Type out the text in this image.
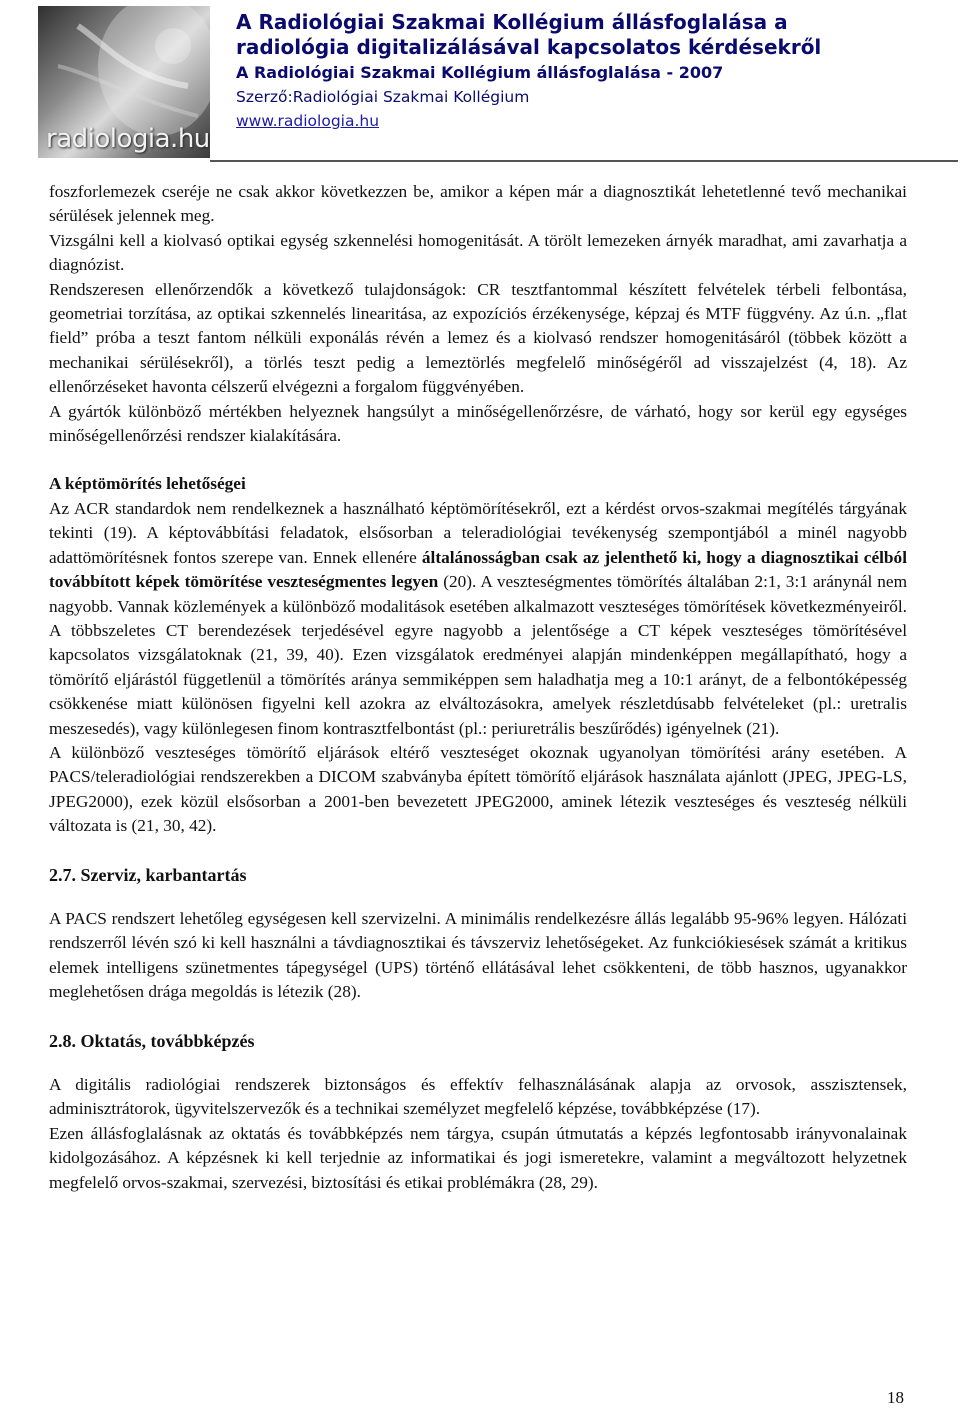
radiologia.hu
A Radiológiai Szakmai Kollégium állásfoglalása a
radiológia digitalizálásával kapcsolatos kérdésekről
A Radiológiai Szakmai Kollégium állásfoglalása - 2007
Szerző:Radiológiai Szakmai Kollégium
www.radiologia.hu

foszforlemezek cseréje ne csak akkor következzen be, amikor a képen már a diagnosztikát lehetetlenné tevő mechanikai sérülések jelennek meg.

Vizsgálni kell a kiolvasó optikai egység szkennelési homogenitását. A törölt lemezeken árnyék maradhat, ami zavarhatja a diagnózist.

Rendszeresen ellenőrzendők a következő tulajdonságok: CR tesztfantommal készített felvételek térbeli felbontása, geometriai torzítása, az optikai szkennelés linearitása, az expozíciós érzékenysége, képzaj és MTF függvény. Az ú.n. „flat field” próba a teszt fantom nélküli exponálás révén a lemez és a kiolvasó rendszer homogenitásáról (többek között a mechanikai sérülésekről), a törlés teszt pedig a lemeztörlés megfelelő minőségéről ad visszajelzést (4, 18). Az ellenőrzéseket havonta célszerű elvégezni a forgalom függvényében.

A gyártók különböző mértékben helyeznek hangsúlyt a minőségellenőrzésre, de várható, hogy sor kerül egy egységes minőségellenőrzési rendszer kialakítására.

A képtömörítés lehetőségei

Az ACR standardok nem rendelkeznek a használható képtömörítésekről, ezt a kérdést orvos-szakmai megítélés tárgyának tekinti (19). A képtovábbítási feladatok, elsősorban a teleradiológiai tevékenység szempontjából a minél nagyobb adattömörítésnek fontos szerepe van. Ennek ellenére általánosságban csak az jelenthető ki, hogy a diagnosztikai célból továbbított képek tömörítése veszteségmentes legyen (20). A veszteségmentes tömörítés általában 2:1, 3:1 aránynál nem nagyobb. Vannak közlemények a különböző modalitások esetében alkalmazott veszteséges tömörítések következményeiről. A többszeletes CT berendezések terjedésével egyre nagyobb a jelentősége a CT képek veszteséges tömörítésével kapcsolatos vizsgálatoknak (21, 39, 40). Ezen vizsgálatok eredményei alapján mindenképpen megállapítható, hogy a tömörítő eljárástól függetlenül a tömörítés aránya semmiképpen sem haladhatja meg a 10:1 arányt, de a felbontóképesség csökkenése miatt különösen figyelni kell azokra az elváltozásokra, amelyek részletdúsabb felvételeket (pl.: uretralis meszesedés), vagy különlegesen finom kontrasztfelbontást (pl.: periuretrális beszűrődés) igényelnek (21).

A különböző veszteséges tömörítő eljárások eltérő veszteséget okoznak ugyanolyan tömörítési arány esetében. A PACS/teleradiológiai rendszerekben a DICOM szabványba épített tömörítő eljárások használata ajánlott (JPEG, JPEG-LS, JPEG2000), ezek közül elsősorban a 2001-ben bevezetett JPEG2000, aminek létezik veszteséges és veszteség nélküli változata is (21, 30, 42).

2.7. Szerviz, karbantartás

A PACS rendszert lehetőleg egységesen kell szervizelni. A minimális rendelkezésre állás legalább 95-96% legyen. Hálózati rendszerről lévén szó ki kell használni a távdiagnosztikai és távszerviz lehetőségeket. Az funkciókiesések számát a kritikus elemek intelligens szünetmentes tápegységel (UPS) történő ellátásával lehet csökkenteni, de több hasznos, ugyanakkor meglehetősen drága megoldás is létezik (28).

2.8. Oktatás, továbbképzés

A digitális radiológiai rendszerek biztonságos és effektív felhasználásának alapja az orvosok, asszisztensek, adminisztrátorok, ügyvitelszervezők és a technikai személyzet megfelelő képzése, továbbképzése (17).

Ezen állásfoglalásnak az oktatás és továbbképzés nem tárgya, csupán útmutatás a képzés legfontosabb irányvonalainak kidolgozásához. A képzésnek ki kell terjednie az informatikai és jogi ismeretekre, valamint a megváltozott helyzetnek megfelelő orvos-szakmai, szervezési, biztosítási és etikai problémákra (28, 29).

18
